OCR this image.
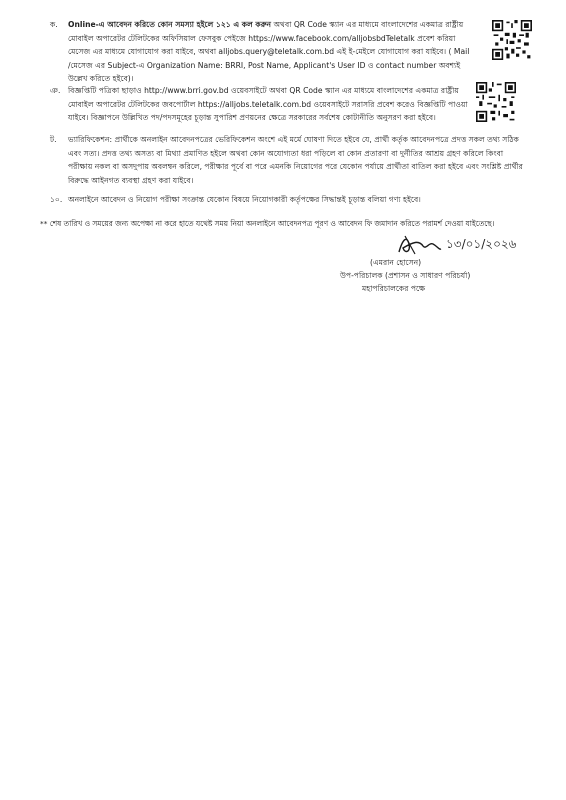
ক.	Online-এ আবেদন করিতে কোন সমস্যা হইলে ১২১ এ কল করুন অথবা QR Code স্ক্যান এর মাধ্যমে বাংলাদেশের একমাত্র রাষ্ট্রীয় মোবাইল অপারেটর টেলিটকের অফিসিয়াল ফেসবুক পেইজে https://www.facebook.com/alljobsbdTeletalk প্রবেশ করিয়া মেসেজ এর মাধ্যমে যোগাযোগ করা যাইবে, অথবা alljobs.query@teletalk.com.bd এই ই-মেইলে যোগাযোগ করা যাইবে। ( Mail /মেসেজ এর Subject-এ Organization Name: BRRI, Post Name, Applicant's User ID ও contact number অবশ্যই উল্লেখ করিতে হইবে)।
ঞ. বিজ্ঞপ্তিটি পত্রিকা ছাড়াও http://www.brri.gov.bd ওয়েবসাইটে অথবা QR Code স্ক্যান এর মাধ্যমে বাংলাদেশের একমাত্র রাষ্ট্রীয় মোবাইল অপারেটর টেলিটকের জবপোর্টাল https://alljobs.teletalk.com.bd ওয়েবসাইটে সরাসরি প্রবেশ করেও বিজ্ঞপ্তিটি পাওয়া যাইবে। বিজ্ঞাপনে উল্লিখিত পদ/পদসমূহের চূড়ান্ত সুপারিশ প্রণয়নের ক্ষেত্রে সরকারের সর্বশেষ কোটানীতি অনুসরণ করা হইবে।
ট.	ভ্যারিফিকেশন: প্রার্থীকে অনলাইন আবেদনপত্রের ভেরিফিকেশন অংশে এই মর্মে ঘোষণা দিতে হইবে যে, প্রার্থী কর্তৃক আবেদনপত্রে প্রদত্ত সকল তথ্য সঠিক এবং সত্য। প্রদত্ত তথ্য অসত্য বা মিথ্যা প্রমাণিত হইলে অথবা কোন অযোগ্যতা ধরা পড়িলে বা কোন প্রতারণা বা দুর্নীতির আশ্রয় গ্রহণ করিলে কিংবা পরীক্ষায় নকল বা অসদুপায় অবলম্বন করিলে, পরীক্ষার পূর্বে বা পরে এমনকি নিয়োগের পরে যেকোন পর্যায়ে প্রার্থীতা বাতিল করা হইবে এবং সংশ্লিষ্ট প্রার্থীর বিরুদ্ধে আইনগত ব্যবস্থা গ্রহণ করা যাইবে।
১০. অনলাইনে আবেদন ও নিয়োগ পরীক্ষা সংক্রান্ত যেকোন বিষয়ে নিয়োগকারী কর্তৃপক্ষের সিদ্ধান্তই চূড়ান্ত বলিয়া গণ্য হইবে।
** শেষ তারিখ ও সময়ের জন্য অপেক্ষা না করে হাতে যথেষ্ট সময় নিয়া অনলাইনে আবেদনপত্র পূরণ ও আবেদন ফি জমাদান করিতে পরামর্শ দেওয়া যাইতেছে।
১৩/০১/২০২৬
(এমরান হোসেন)
উপ-পরিচালক (প্রশাসন ও সাধারণ পরিচর্যা)
মহাপরিচালকের পক্ষে
